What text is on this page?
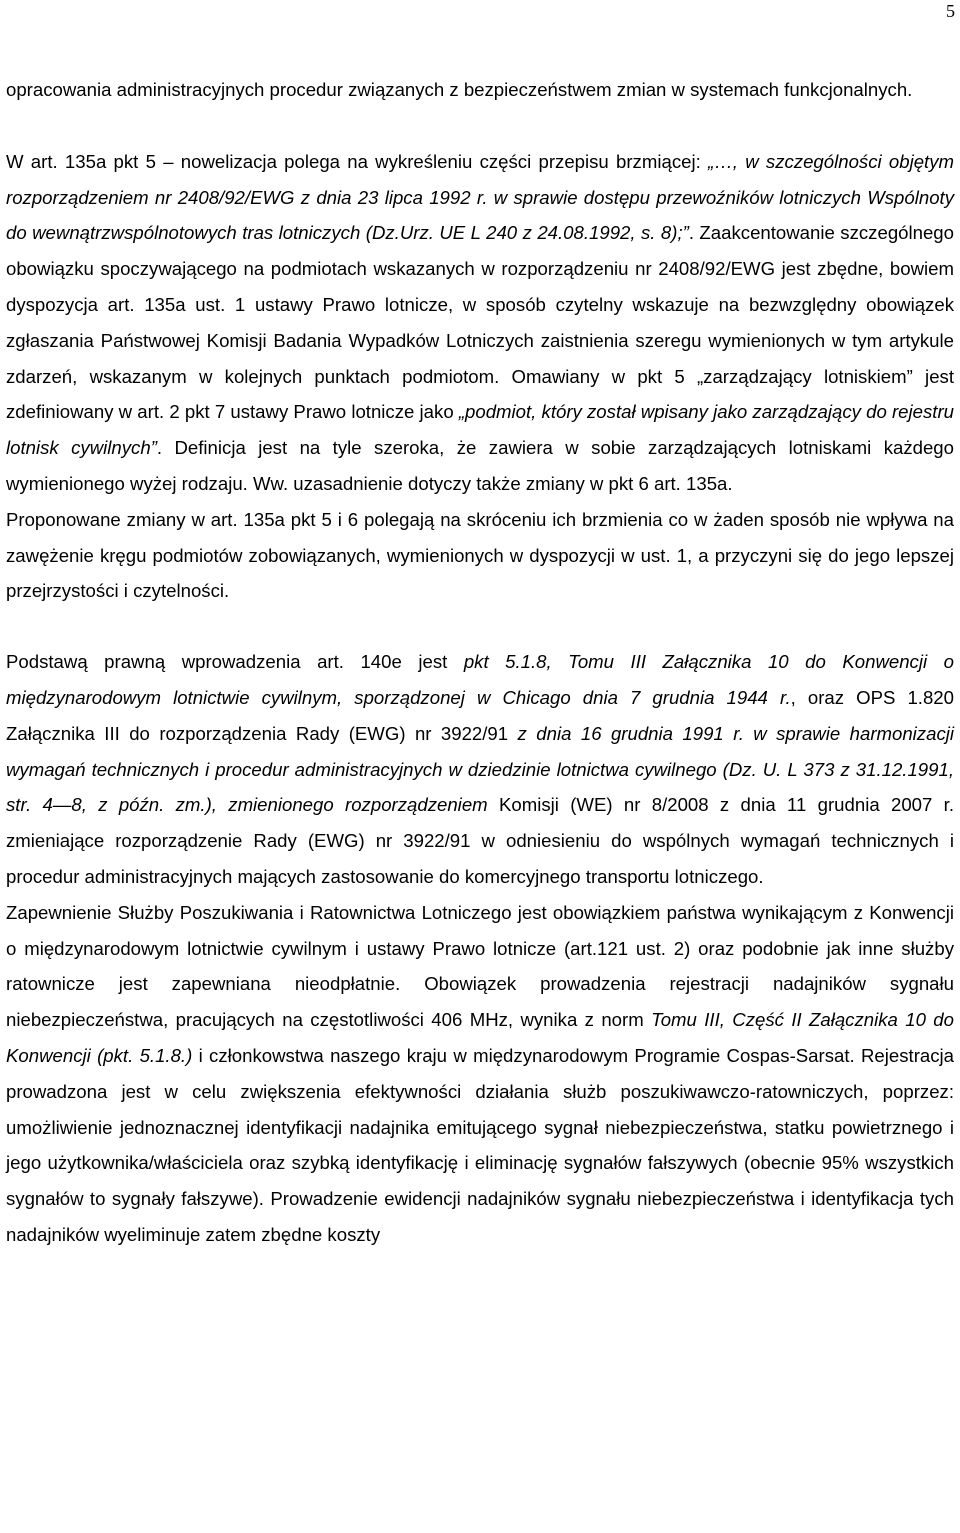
5

opracowania administracyjnych procedur związanych z bezpieczeństwem zmian w systemach funkcjonalnych.

W art. 135a pkt 5 – nowelizacja polega na wykreśleniu części przepisu brzmiącej: „…, w szczególności objętym rozporządzeniem nr 2408/92/EWG z dnia 23 lipca 1992 r. w sprawie dostępu przewoźników lotniczych Wspólnoty do wewnątrzwspólnotowych tras lotniczych (Dz.Urz. UE L 240 z 24.08.1992, s. 8);”. Zaakcentowanie szczególnego obowiązku spoczywającego na podmiotach wskazanych w rozporządzeniu nr 2408/92/EWG jest zbędne, bowiem dyspozycja art. 135a ust. 1 ustawy Prawo lotnicze, w sposób czytelny wskazuje na bezwzględny obowiązek zgłaszania Państwowej Komisji Badania Wypadków Lotniczych zaistnienia szeregu wymienionych w tym artykule zdarzeń, wskazanym w kolejnych punktach podmiotom. Omawiany w pkt 5 „zarządzający lotniskiem” jest zdefiniowany w art. 2 pkt 7 ustawy Prawo lotnicze jako „podmiot, który został wpisany jako zarządzający do rejestru lotnisk cywilnych”. Definicja jest na tyle szeroka, że zawiera w sobie zarządzających lotniskami każdego wymienionego wyżej rodzaju. Ww. uzasadnienie dotyczy także zmiany w pkt 6 art. 135a.

Proponowane zmiany w art. 135a pkt 5 i 6 polegają na skróceniu ich brzmienia co w żaden sposób nie wpływa na zawężenie kręgu podmiotów zobowiązanych, wymienionych w dyspozycji w ust. 1, a przyczyni się do jego lepszej przejrzystości i czytelności.

Podstawą prawną wprowadzenia art. 140e jest pkt 5.1.8, Tomu III Załącznika 10 do Konwencji o międzynarodowym lotnictwie cywilnym, sporządzonej w Chicago dnia 7 grudnia 1944 r., oraz OPS 1.820 Załącznika III do rozporządzenia Rady (EWG) nr 3922/91 z dnia 16 grudnia 1991 r. w sprawie harmonizacji wymagań technicznych i procedur administracyjnych w dziedzinie lotnictwa cywilnego (Dz. U. L 373 z 31.12.1991, str. 4—8, z późn. zm.), zmienionego rozporządzeniem Komisji (WE) nr 8/2008 z dnia 11 grudnia 2007 r. zmieniające rozporządzenie Rady (EWG) nr 3922/91 w odniesieniu do wspólnych wymagań technicznych i procedur administracyjnych mających zastosowanie do komercyjnego transportu lotniczego.

Zapewnienie Służby Poszukiwania i Ratownictwa Lotniczego jest obowiązkiem państwa wynikającym z Konwencji o międzynarodowym lotnictwie cywilnym i ustawy Prawo lotnicze (art.121 ust. 2) oraz podobnie jak inne służby ratownicze jest zapewniana nieodpłatnie. Obowiązek prowadzenia rejestracji nadajników sygnału niebezpieczeństwa, pracujących na częstotliwości 406 MHz, wynika z norm Tomu III, Część II Załącznika 10 do Konwencji (pkt. 5.1.8.) i członkowstwa naszego kraju w międzynarodowym Programie Cospas-Sarsat. Rejestracja prowadzona jest w celu zwiększenia efektywności działania służb poszukiwawczo-ratowniczych, poprzez: umożliwienie jednoznacznej identyfikacji nadajnika emitującego sygnał niebezpieczeństwa, statku powietrznego i jego użytkownika/właściciela oraz szybką identyfikację i eliminację sygnałów fałszywych (obecnie 95% wszystkich sygnałów to sygnały fałszywe). Prowadzenie ewidencji nadajników sygnału niebezpieczeństwa i identyfikacja tych nadajników wyeliminuje zatem zbędne koszty
